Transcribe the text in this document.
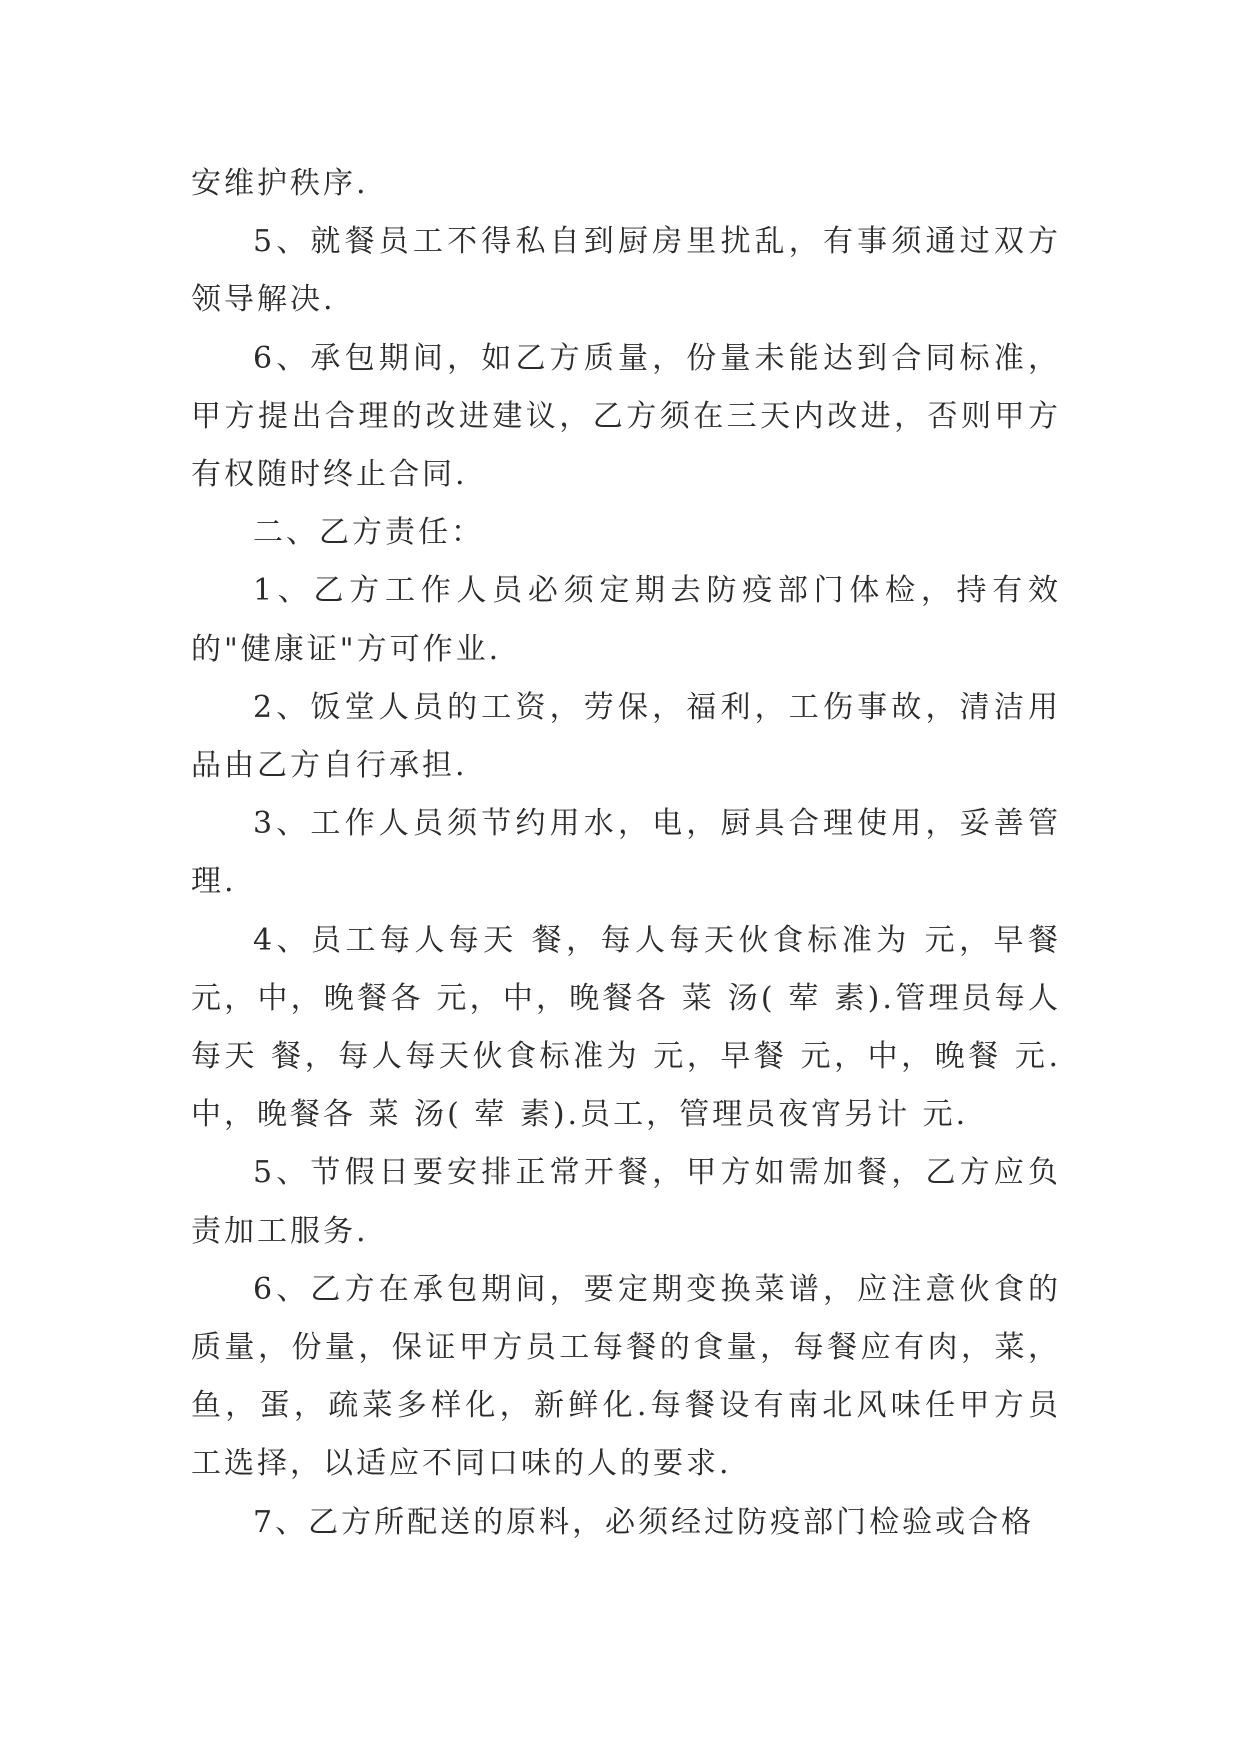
安维护秩序.

5、就餐员工不得私自到厨房里扰乱，有事须通过双方领导解决.

6、承包期间，如乙方质量，份量未能达到合同标准，甲方提出合理的改进建议，乙方须在三天内改进，否则甲方有权随时终止合同.

二、乙方责任：

1、乙方工作人员必须定期去防疫部门体检，持有效的"健康证"方可作业.

2、饭堂人员的工资，劳保，福利，工伤事故，清洁用品由乙方自行承担.

3、工作人员须节约用水，电，厨具合理使用，妥善管理.

4、员工每人每天 餐，每人每天伙食标准为 元，早餐 元，中，晚餐各 元，中，晚餐各 菜 汤( 荤 素).管理员每人每天 餐，每人每天伙食标准为 元，早餐 元，中，晚餐 元.中，晚餐各 菜 汤( 荤 素).员工，管理员夜宵另计 元.

5、节假日要安排正常开餐，甲方如需加餐，乙方应负责加工服务.

6、乙方在承包期间，要定期变换菜谱，应注意伙食的质量，份量，保证甲方员工每餐的食量，每餐应有肉，菜，鱼，蛋，疏菜多样化，新鲜化.每餐设有南北风味任甲方员工选择，以适应不同口味的人的要求.

7、乙方所配送的原料，必须经过防疫部门检验或合格
